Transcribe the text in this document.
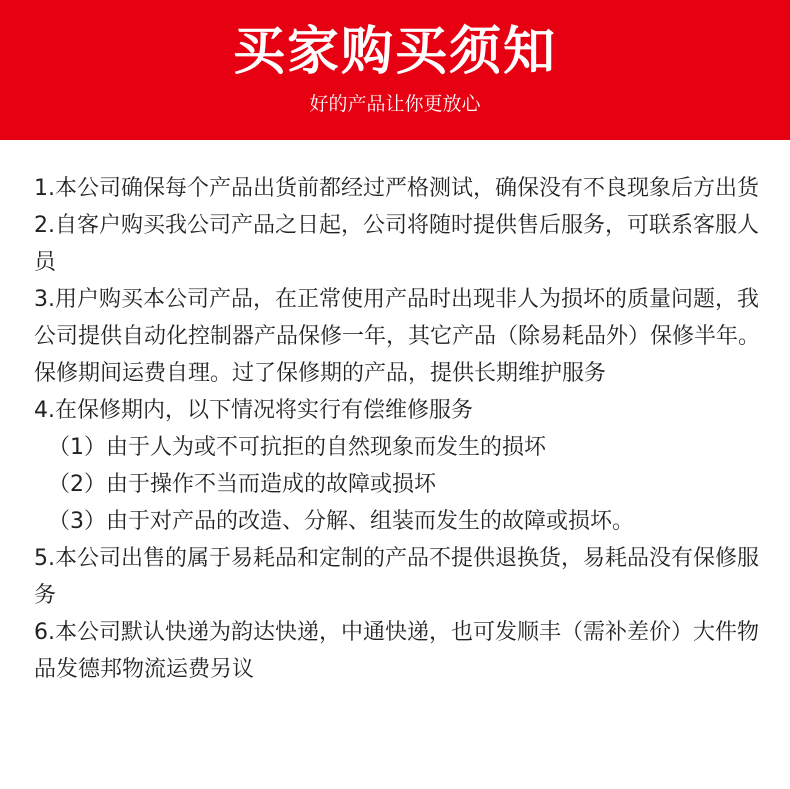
买家购买须知
好的产品让你更放心
1.本公司确保每个产品出货前都经过严格测试，确保没有不良现象后方出货
2.自客户购买我公司产品之日起，公司将随时提供售后服务，可联系客服人员
3.用户购买本公司产品，在正常使用产品时出现非人为损坏的质量问题，我公司提供自动化控制器产品保修一年，其它产品（除易耗品外）保修半年。保修期间运费自理。过了保修期的产品，提供长期维护服务
4.在保修期内，以下情况将实行有偿维修服务
（1）由于人为或不可抗拒的自然现象而发生的损坏
（2）由于操作不当而造成的故障或损坏
（3）由于对产品的改造、分解、组装而发生的故障或损坏。
5.本公司出售的属于易耗品和定制的产品不提供退换货，易耗品没有保修服务
6.本公司默认快递为韵达快递，中通快递，也可发顺丰（需补差价）大件物品发德邦物流运费另议
